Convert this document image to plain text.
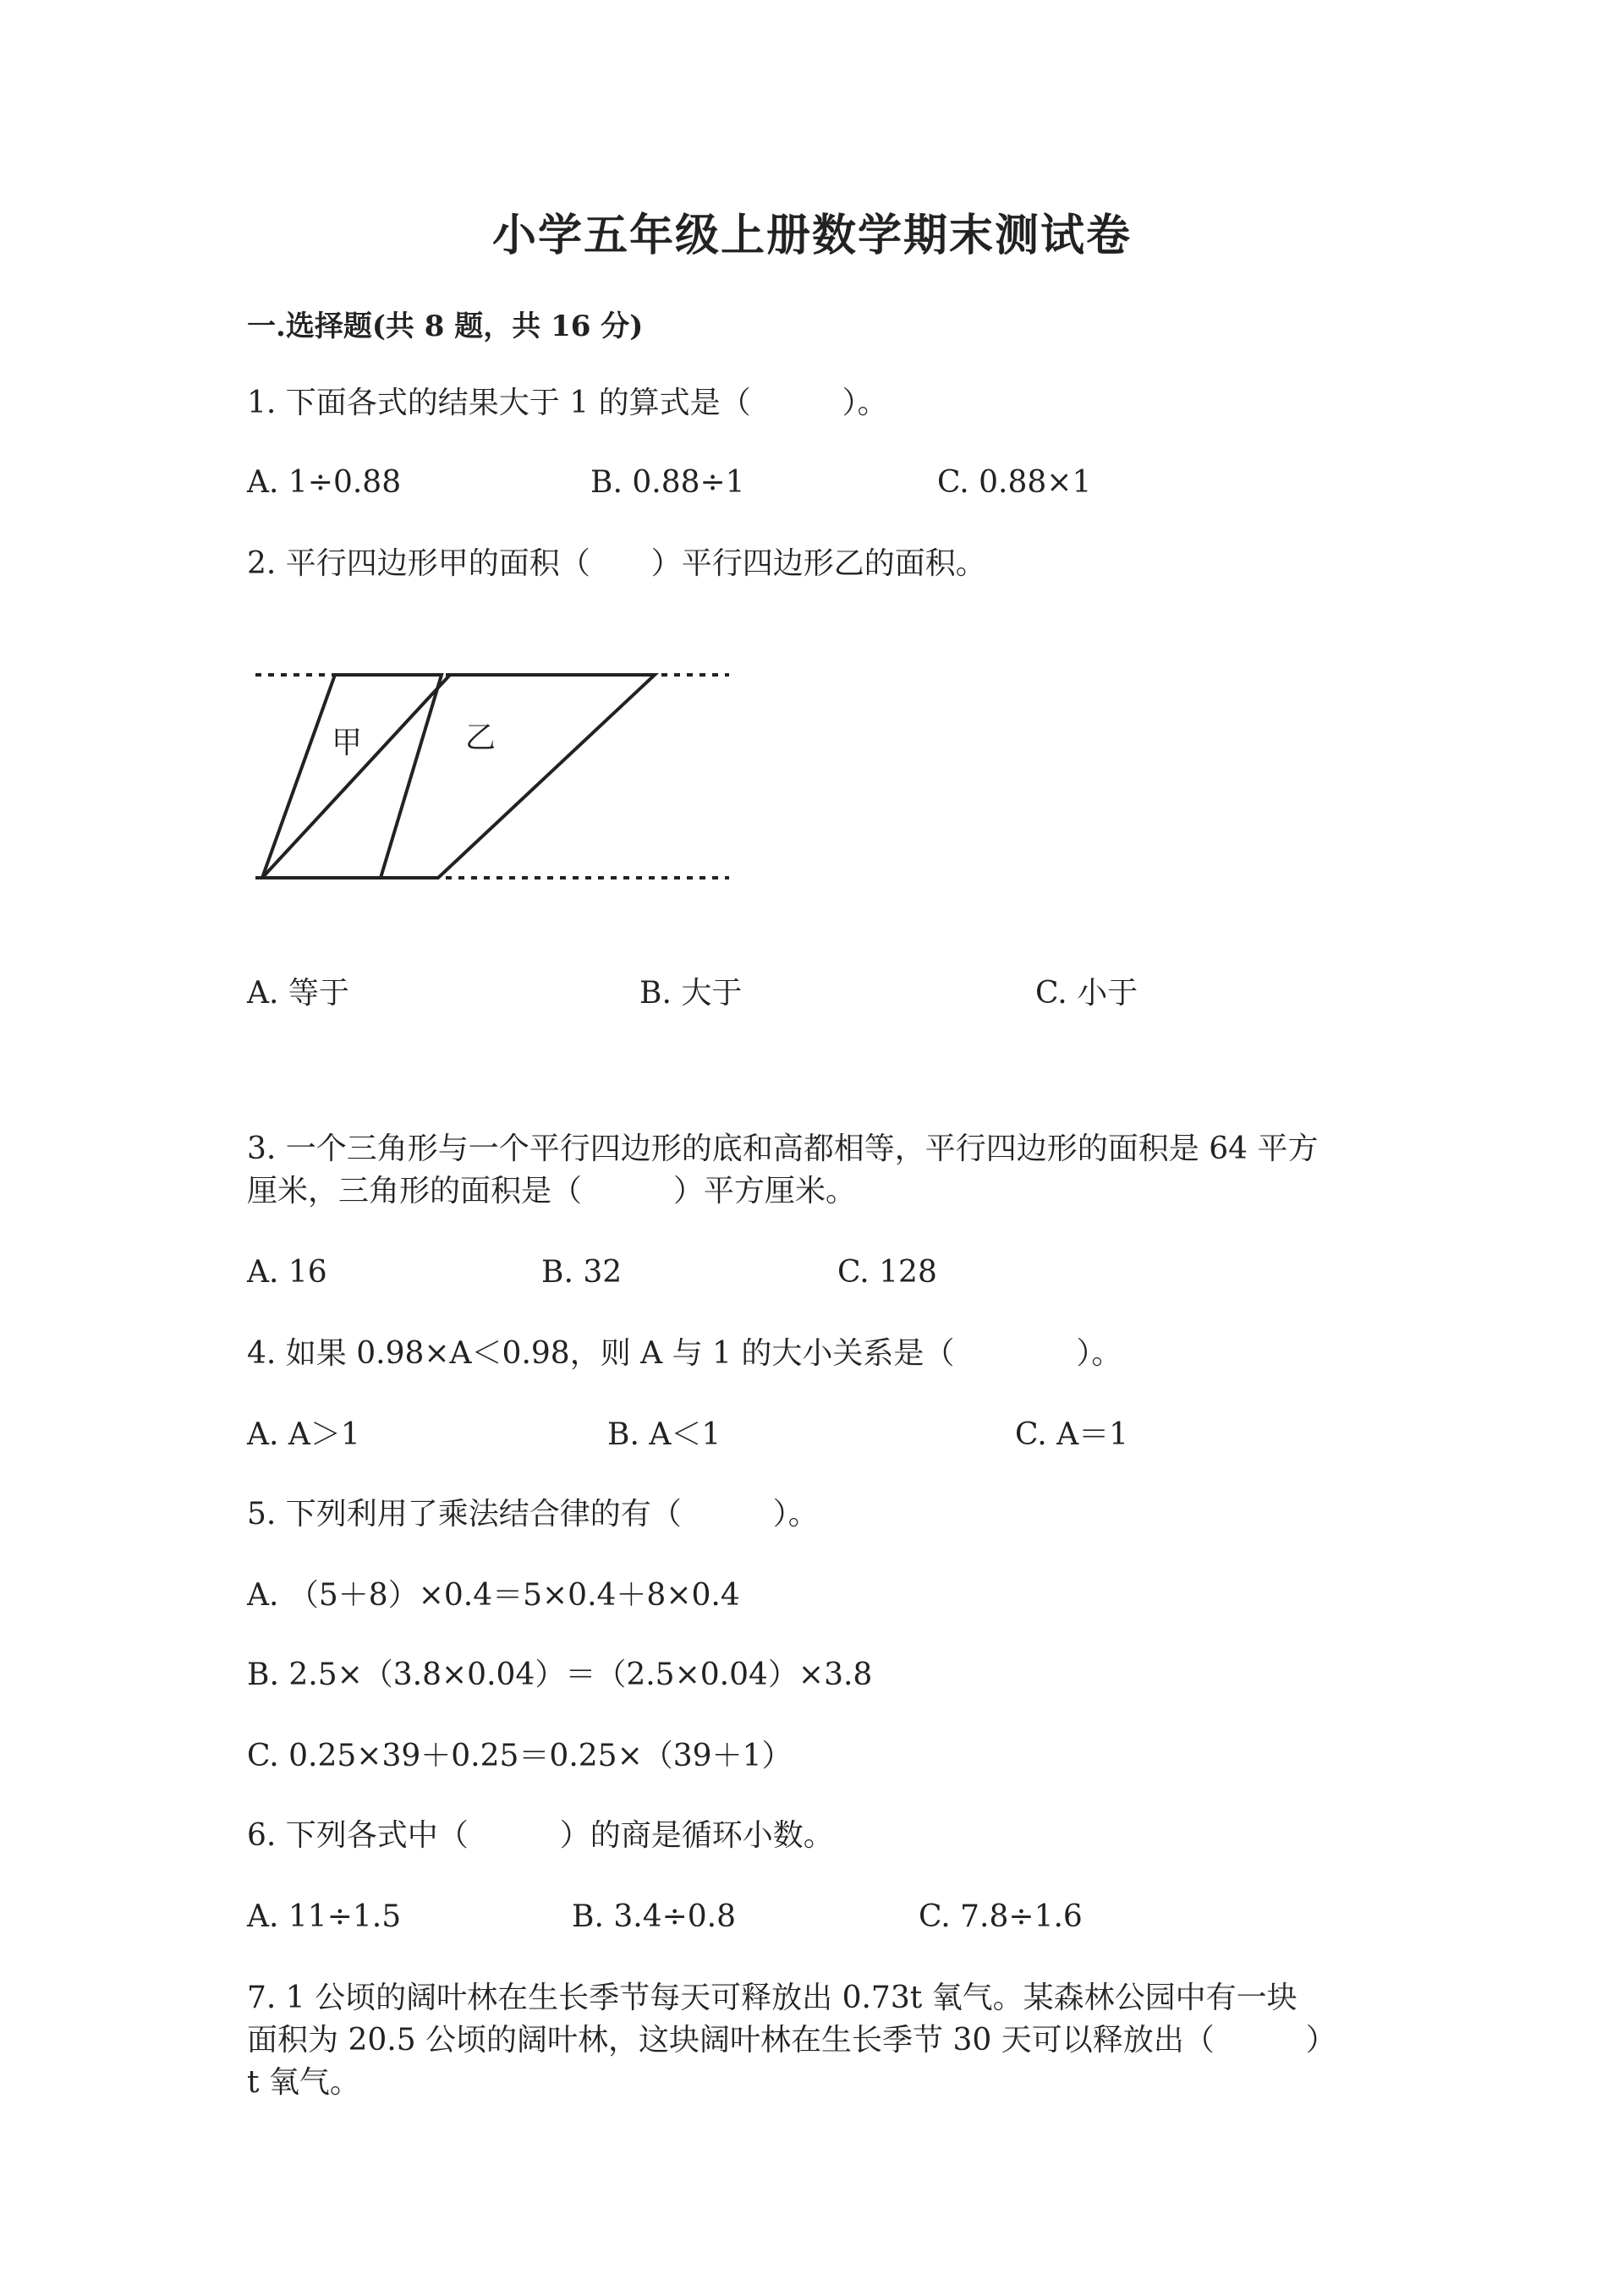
小学五年级上册数学期末测试卷
一.选择题(共 8 题，共 16 分)
1. 下面各式的结果大于 1 的算式是（　　　）。
A. 1÷0.88	B. 0.88÷1	C. 0.88×1
2. 平行四边形甲的面积（　　）平行四边形乙的面积。
甲	乙
A. 等于	B. 大于	C. 小于
3. 一个三角形与一个平行四边形的底和高都相等，平行四边形的面积是 64 平方
厘米，三角形的面积是（　　　）平方厘米。
A. 16	B. 32	C. 128
4. 如果 0.98×A＜0.98，则 A 与 1 的大小关系是（　　　　）。
A. A＞1	B. A＜1	C. A＝1
5. 下列利用了乘法结合律的有（　　　）。
A. （5＋8）×0.4＝5×0.4＋8×0.4
B. 2.5×（3.8×0.04）＝（2.5×0.04）×3.8
C. 0.25×39＋0.25＝0.25×（39＋1）
6. 下列各式中（　　　）的商是循环小数。
A. 11÷1.5	B. 3.4÷0.8	C. 7.8÷1.6
7. 1 公顷的阔叶林在生长季节每天可释放出 0.73t 氧气。某森林公园中有一块
面积为 20.5 公顷的阔叶林，这块阔叶林在生长季节 30 天可以释放出（　　　）
t 氧气。
